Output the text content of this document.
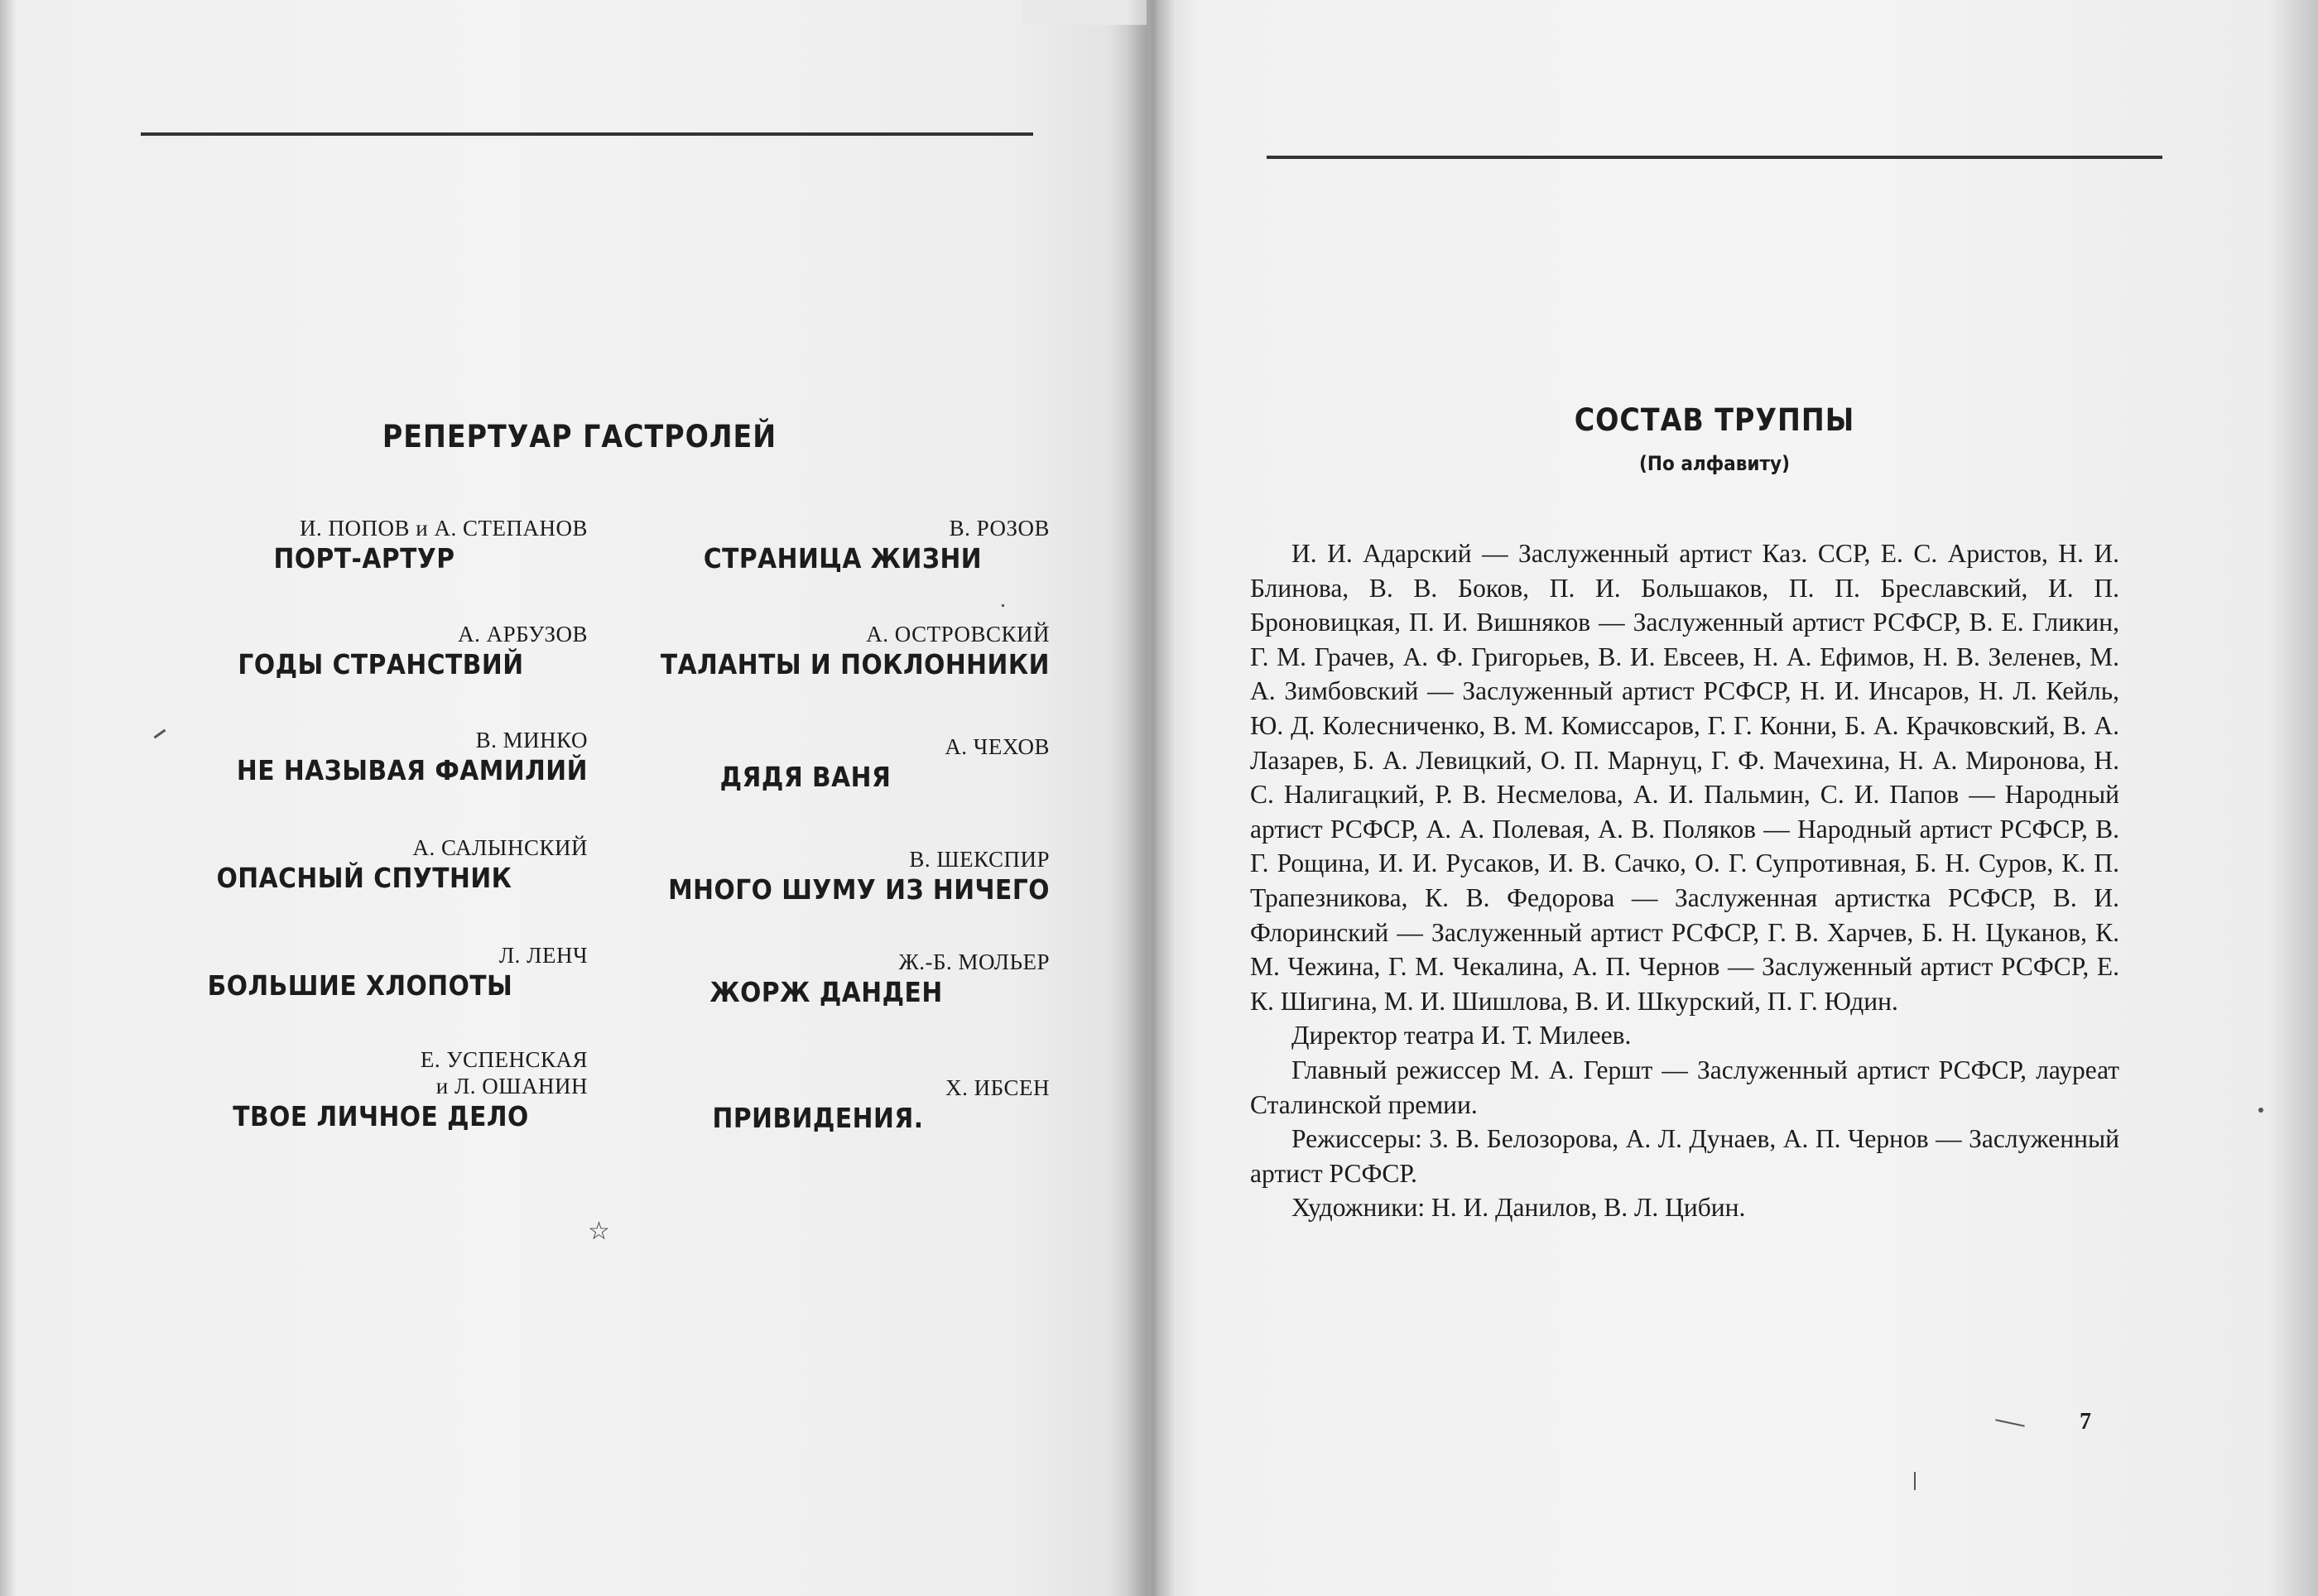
РЕПЕРТУАР ГАСТРОЛЕЙ
И. ПОПОВ и А. СТЕПАНОВ
ПОРТ-АРТУР
В. РОЗОВ
СТРАНИЦА ЖИЗНИ
А. АРБУЗОВ
ГОДЫ СТРАНСТВИЙ
А. ОСТРОВСКИЙ
ТАЛАНТЫ И ПОКЛОННИКИ
В. МИНКО
НЕ НАЗЫВАЯ ФАМИЛИЙ
А. ЧЕХОВ
ДЯДЯ ВАНЯ
А. САЛЫНСКИЙ
ОПАСНЫЙ СПУТНИК
В. ШЕКСПИР
МНОГО ШУМУ ИЗ НИЧЕГО
Л. ЛЕНЧ
БОЛЬШИЕ ХЛОПОТЫ
Ж.-Б. МОЛЬЕР
ЖОРЖ ДАНДЕН
Е. УСПЕНСКАЯ
и Л. ОШАНИН
ТВОЕ ЛИЧНОЕ ДЕЛО
Х. ИБСЕН
ПРИВИДЕНИЯ.
☆
СОСТАВ ТРУППЫ
(По алфавиту)

И. И. Адарский — Заслуженный артист Каз. ССР, Е. С. Аристов, Н. И. Блинова, В. В. Боков, П. И. Большаков, П. П. Бреславский, И. П. Броновицкая, П. И. Вишняков — Заслуженный артист РСФСР, В. Е. Гликин, Г. М. Грачев, А. Ф. Григорьев, В. И. Евсеев, Н. А. Ефимов, Н. В. Зеленев, М. А. Зимбовский — Заслуженный артист РСФСР, Н. И. Инсаров, Н. Л. Кейль, Ю. Д. Колесниченко, В. М. Комиссаров, Г. Г. Конни, Б. А. Крачковский, В. А. Лазарев, Б. А. Левицкий, О. П. Марнуц, Г. Ф. Мачехина, Н. А. Миронова, Н. С. Налигацкий, Р. В. Несмелова, А. И. Пальмин, С. И. Папов — Народный артист РСФСР, А. А. Полевая, А. В. Поляков — Народный артист РСФСР, В. Г. Рощина, И. И. Русаков, И. В. Сачко, О. Г. Супротивная, Б. Н. Суров, К. П. Трапезникова, К. В. Федорова — Заслуженная артистка РСФСР, В. И. Флоринский — Заслуженный артист РСФСР, Г. В. Харчев, Б. Н. Цуканов, К. М. Чежина, Г. М. Чекалина, А. П. Чернов — Заслуженный артист РСФСР, Е. К. Шигина, М. И. Шишлова, В. И. Шкурский, П. Г. Юдин.

Директор театра И. Т. Милеев.

Главный режиссер М. А. Гершт — Заслуженный артист РСФСР, лауреат Сталинской премии.

Режиссеры: З. В. Белозорова, А. Л. Дунаев, А. П. Чернов — Заслуженный артист РСФСР.

Художники: Н. И. Данилов, В. Л. Цибин.

7
